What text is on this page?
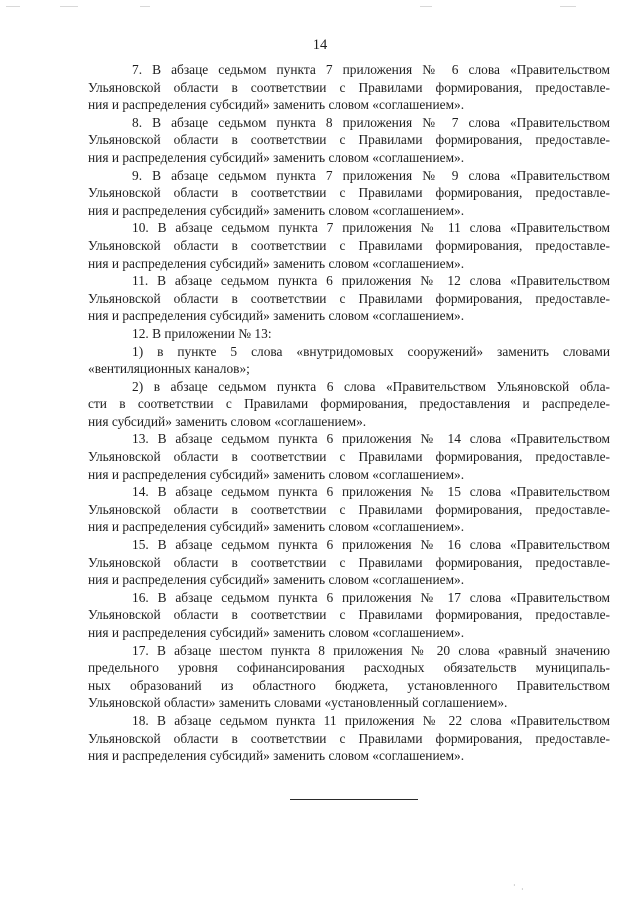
14

7. В абзаце седьмом пункта 7 приложения № 6 слова «Правительством
Ульяновской области в соответствии с Правилами формирования, предоставле-
ния и распределения субсидий» заменить словом «соглашением».

8. В абзаце седьмом пункта 8 приложения № 7 слова «Правительством
Ульяновской области в соответствии с Правилами формирования, предоставле-
ния и распределения субсидий» заменить словом «соглашением».

9. В абзаце седьмом пункта 7 приложения № 9 слова «Правительством
Ульяновской области в соответствии с Правилами формирования, предоставле-
ния и распределения субсидий» заменить словом «соглашением».

10. В абзаце седьмом пункта 7 приложения № 11 слова «Правительством
Ульяновской области в соответствии с Правилами формирования, предоставле-
ния и распределения субсидий» заменить словом «соглашением».

11. В абзаце седьмом пункта 6 приложения № 12 слова «Правительством
Ульяновской области в соответствии с Правилами формирования, предоставле-
ния и распределения субсидий» заменить словом «соглашением».

12. В приложении № 13:

1) в пункте 5 слова «внутридомовых сооружений» заменить словами
«вентиляционных каналов»;

2) в абзаце седьмом пункта 6 слова «Правительством Ульяновской обла-
сти в соответствии с Правилами формирования, предоставления и распределе-
ния субсидий» заменить словом «соглашением».

13. В абзаце седьмом пункта 6 приложения № 14 слова «Правительством
Ульяновской области в соответствии с Правилами формирования, предоставле-
ния и распределения субсидий» заменить словом «соглашением».

14. В абзаце седьмом пункта 6 приложения № 15 слова «Правительством
Ульяновской области в соответствии с Правилами формирования, предоставле-
ния и распределения субсидий» заменить словом «соглашением».

15. В абзаце седьмом пункта 6 приложения № 16 слова «Правительством
Ульяновской области в соответствии с Правилами формирования, предоставле-
ния и распределения субсидий» заменить словом «соглашением».

16. В абзаце седьмом пункта 6 приложения № 17 слова «Правительством
Ульяновской области в соответствии с Правилами формирования, предоставле-
ния и распределения субсидий» заменить словом «соглашением».

17. В абзаце шестом пункта 8 приложения № 20 слова «равный значению
предельного уровня софинансирования расходных обязательств муниципаль-
ных образований из областного бюджета, установленного Правительством
Ульяновской области» заменить словами «установленный соглашением».

18. В абзаце седьмом пункта 11 приложения № 22 слова «Правительством
Ульяновской области в соответствии с Правилами формирования, предоставле-
ния и распределения субсидий» заменить словом «соглашением».

· ·
